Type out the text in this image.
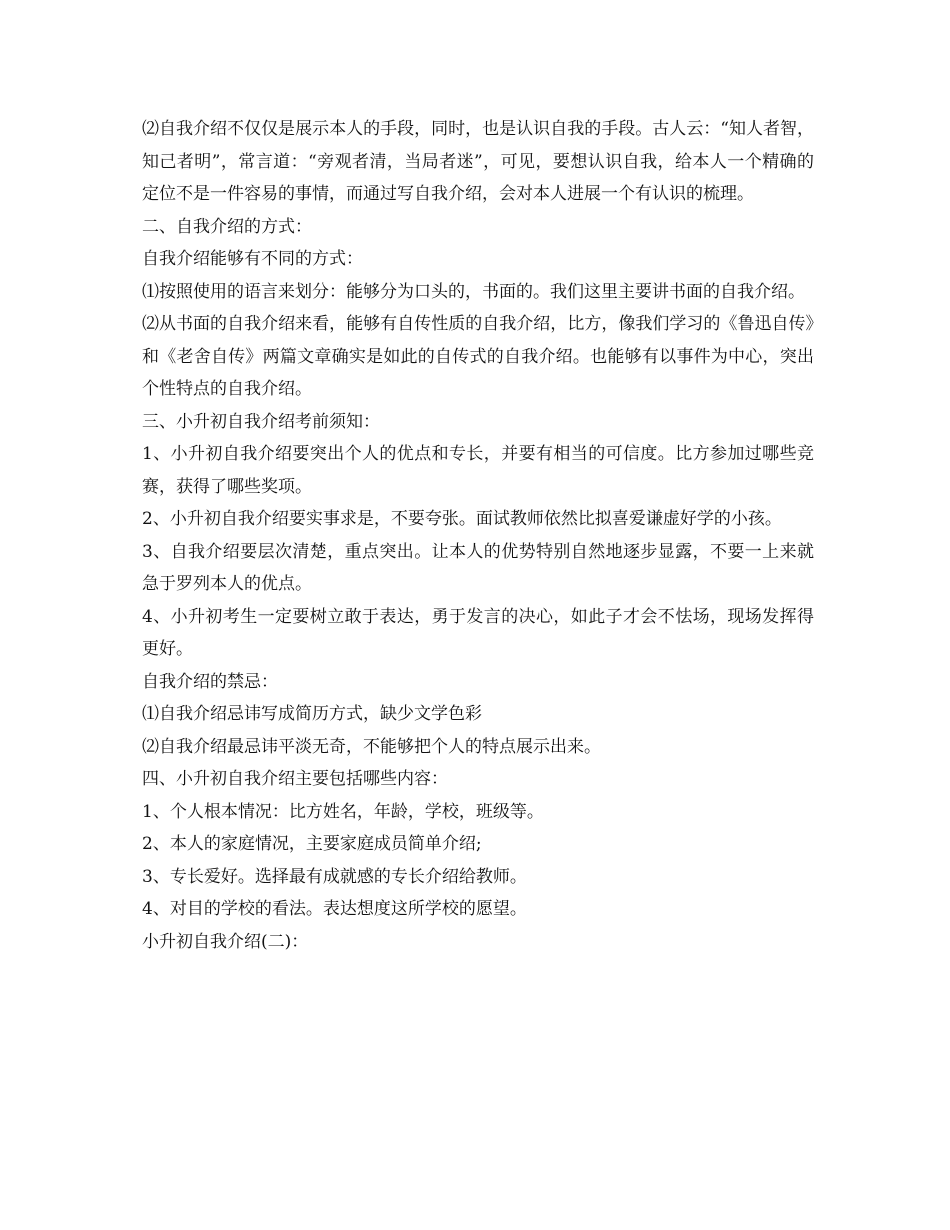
⑵自我介绍不仅仅是展示本人的手段，同时，也是认识自我的手段。古人云：“知人者智，知己者明”，常言道：“旁观者清，当局者迷”，可见，要想认识自我，给本人一个精确的定位不是一件容易的事情，而通过写自我介绍，会对本人进展一个有认识的梳理。

二、自我介绍的方式：

自我介绍能够有不同的方式：

⑴按照使用的语言来划分：能够分为口头的，书面的。我们这里主要讲书面的自我介绍。

⑵从书面的自我介绍来看，能够有自传性质的自我介绍，比方，像我们学习的《鲁迅自传》和《老舍自传》两篇文章确实是如此的自传式的自我介绍。也能够有以事件为中心，突出个性特点的自我介绍。

三、小升初自我介绍考前须知：

1、小升初自我介绍要突出个人的优点和专长，并要有相当的可信度。比方参加过哪些竞赛，获得了哪些奖项。

2、小升初自我介绍要实事求是，不要夸张。面试教师依然比拟喜爱谦虚好学的小孩。

3、自我介绍要层次清楚，重点突出。让本人的优势特别自然地逐步显露，不要一上来就急于罗列本人的优点。

4、小升初考生一定要树立敢于表达，勇于发言的决心，如此子才会不怯场，现场发挥得更好。

自我介绍的禁忌：

⑴自我介绍忌讳写成简历方式，缺少文学色彩

⑵自我介绍最忌讳平淡无奇，不能够把个人的特点展示出来。

四、小升初自我介绍主要包括哪些内容：

1、个人根本情况：比方姓名，年龄，学校，班级等。

2、本人的家庭情况，主要家庭成员简单介绍;

3、专长爱好。选择最有成就感的专长介绍给教师。

4、对目的学校的看法。表达想度这所学校的愿望。

小升初自我介绍(二)：
